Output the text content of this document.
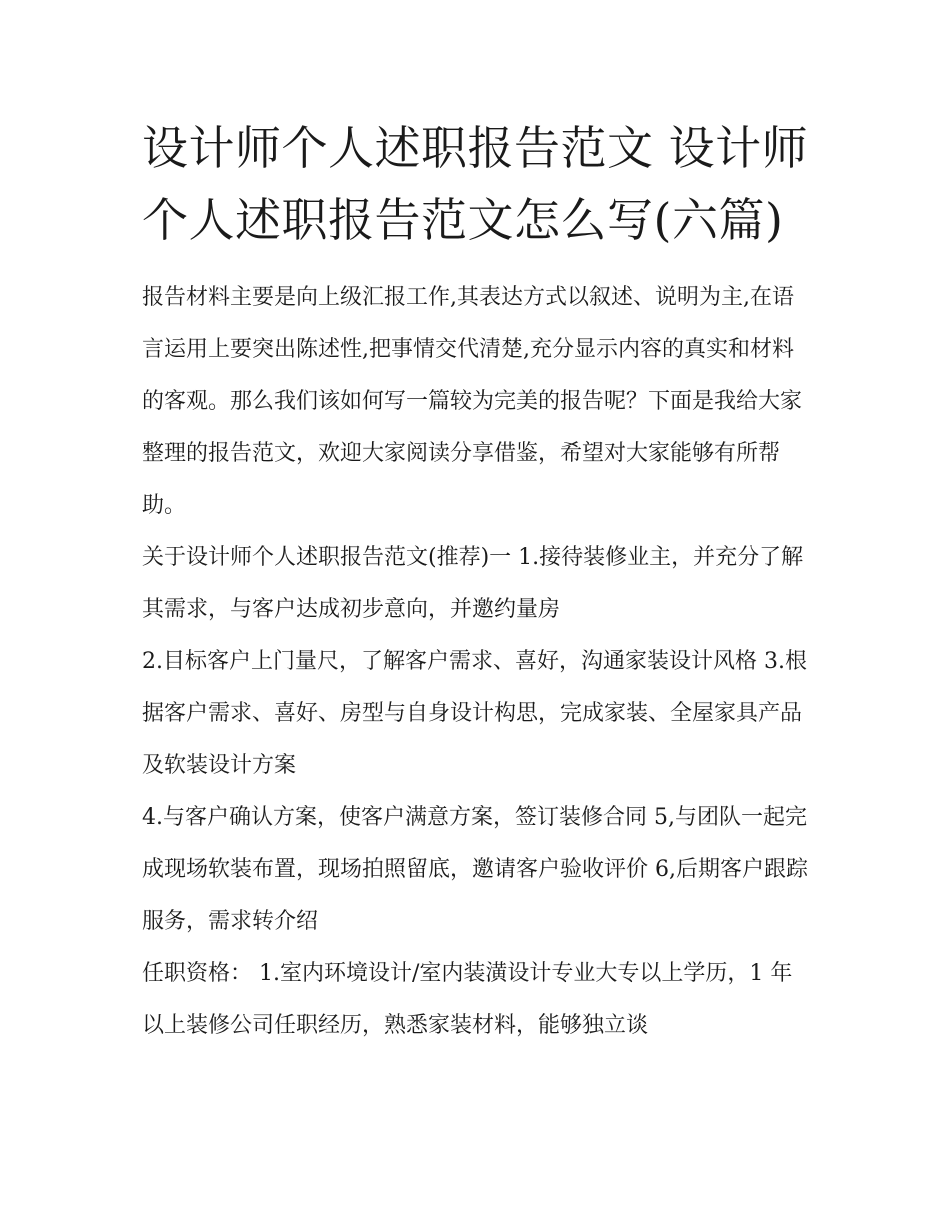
设计师个人述职报告范文 设计师个人述职报告范文怎么写(六篇)

报告材料主要是向上级汇报工作,其表达方式以叙述、说明为主,在语言运用上要突出陈述性,把事情交代清楚,充分显示内容的真实和材料的客观。那么我们该如何写一篇较为完美的报告呢？下面是我给大家整理的报告范文，欢迎大家阅读分享借鉴，希望对大家能够有所帮助。

关于设计师个人述职报告范文(推荐)一 1.接待装修业主，并充分了解其需求，与客户达成初步意向，并邀约量房

2.目标客户上门量尺，了解客户需求、喜好，沟通家装设计风格 3.根据客户需求、喜好、房型与自身设计构思，完成家装、全屋家具产品及软装设计方案

4.与客户确认方案，使客户满意方案，签订装修合同 5,与团队一起完成现场软装布置，现场拍照留底，邀请客户验收评价 6,后期客户跟踪服务，需求转介绍

任职资格： 1.室内环境设计/室内装潢设计专业大专以上学历，1 年以上装修公司任职经历，熟悉家装材料，能够独立谈
